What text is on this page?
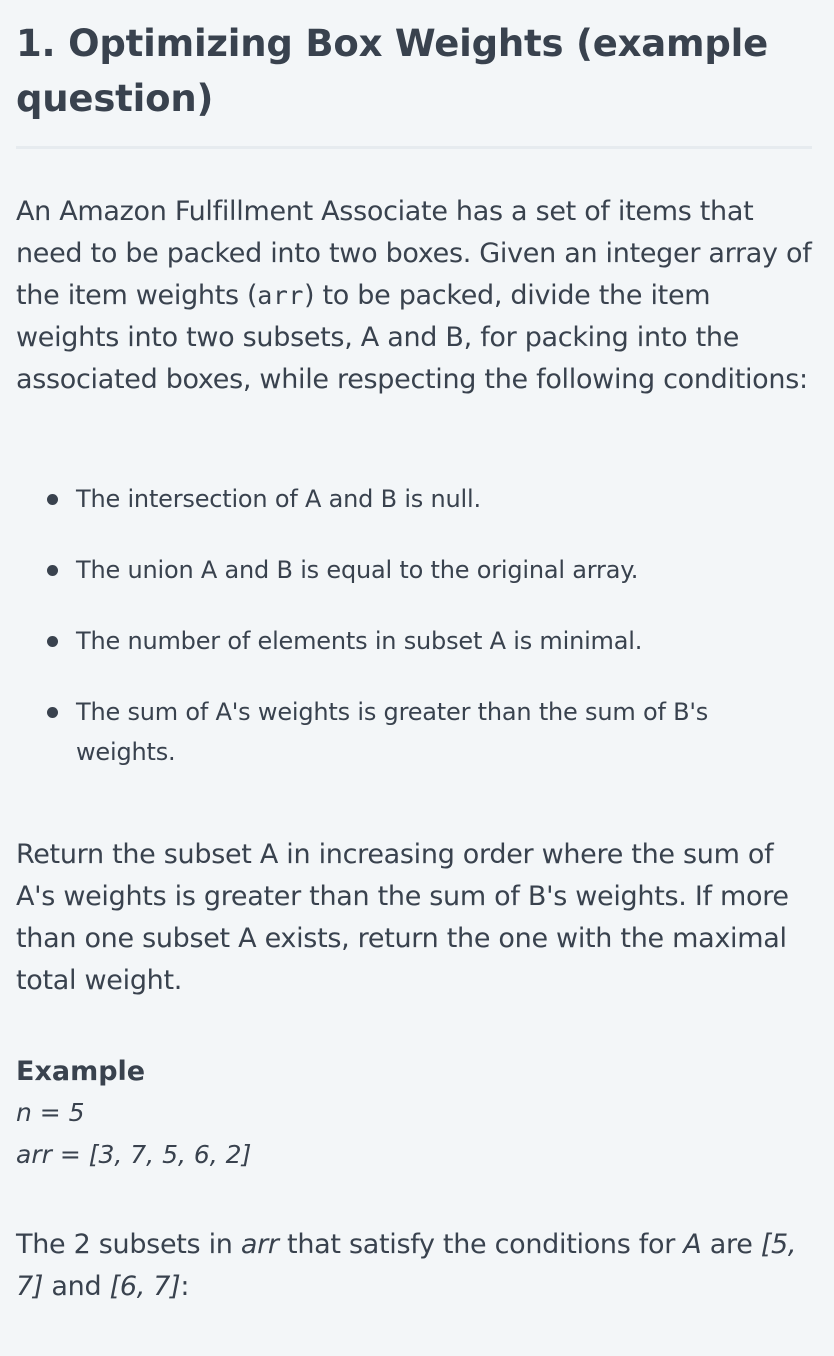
1. Optimizing Box Weights (example question)

An Amazon Fulfillment Associate has a set of items that need to be packed into two boxes. Given an integer array of the item weights (arr) to be packed, divide the item weights into two subsets, A and B, for packing into the associated boxes, while respecting the following conditions:

The intersection of A and B is null.
The union A and B is equal to the original array.
The number of elements in subset A is minimal.
The sum of A's weights is greater than the sum of B's weights.

Return the subset A in increasing order where the sum of A's weights is greater than the sum of B's weights. If more than one subset A exists, return the one with the maximal total weight.

Example

n = 5

arr = [3, 7, 5, 6, 2]

The 2 subsets in arr that satisfy the conditions for A are [5, 7] and [6, 7]:
